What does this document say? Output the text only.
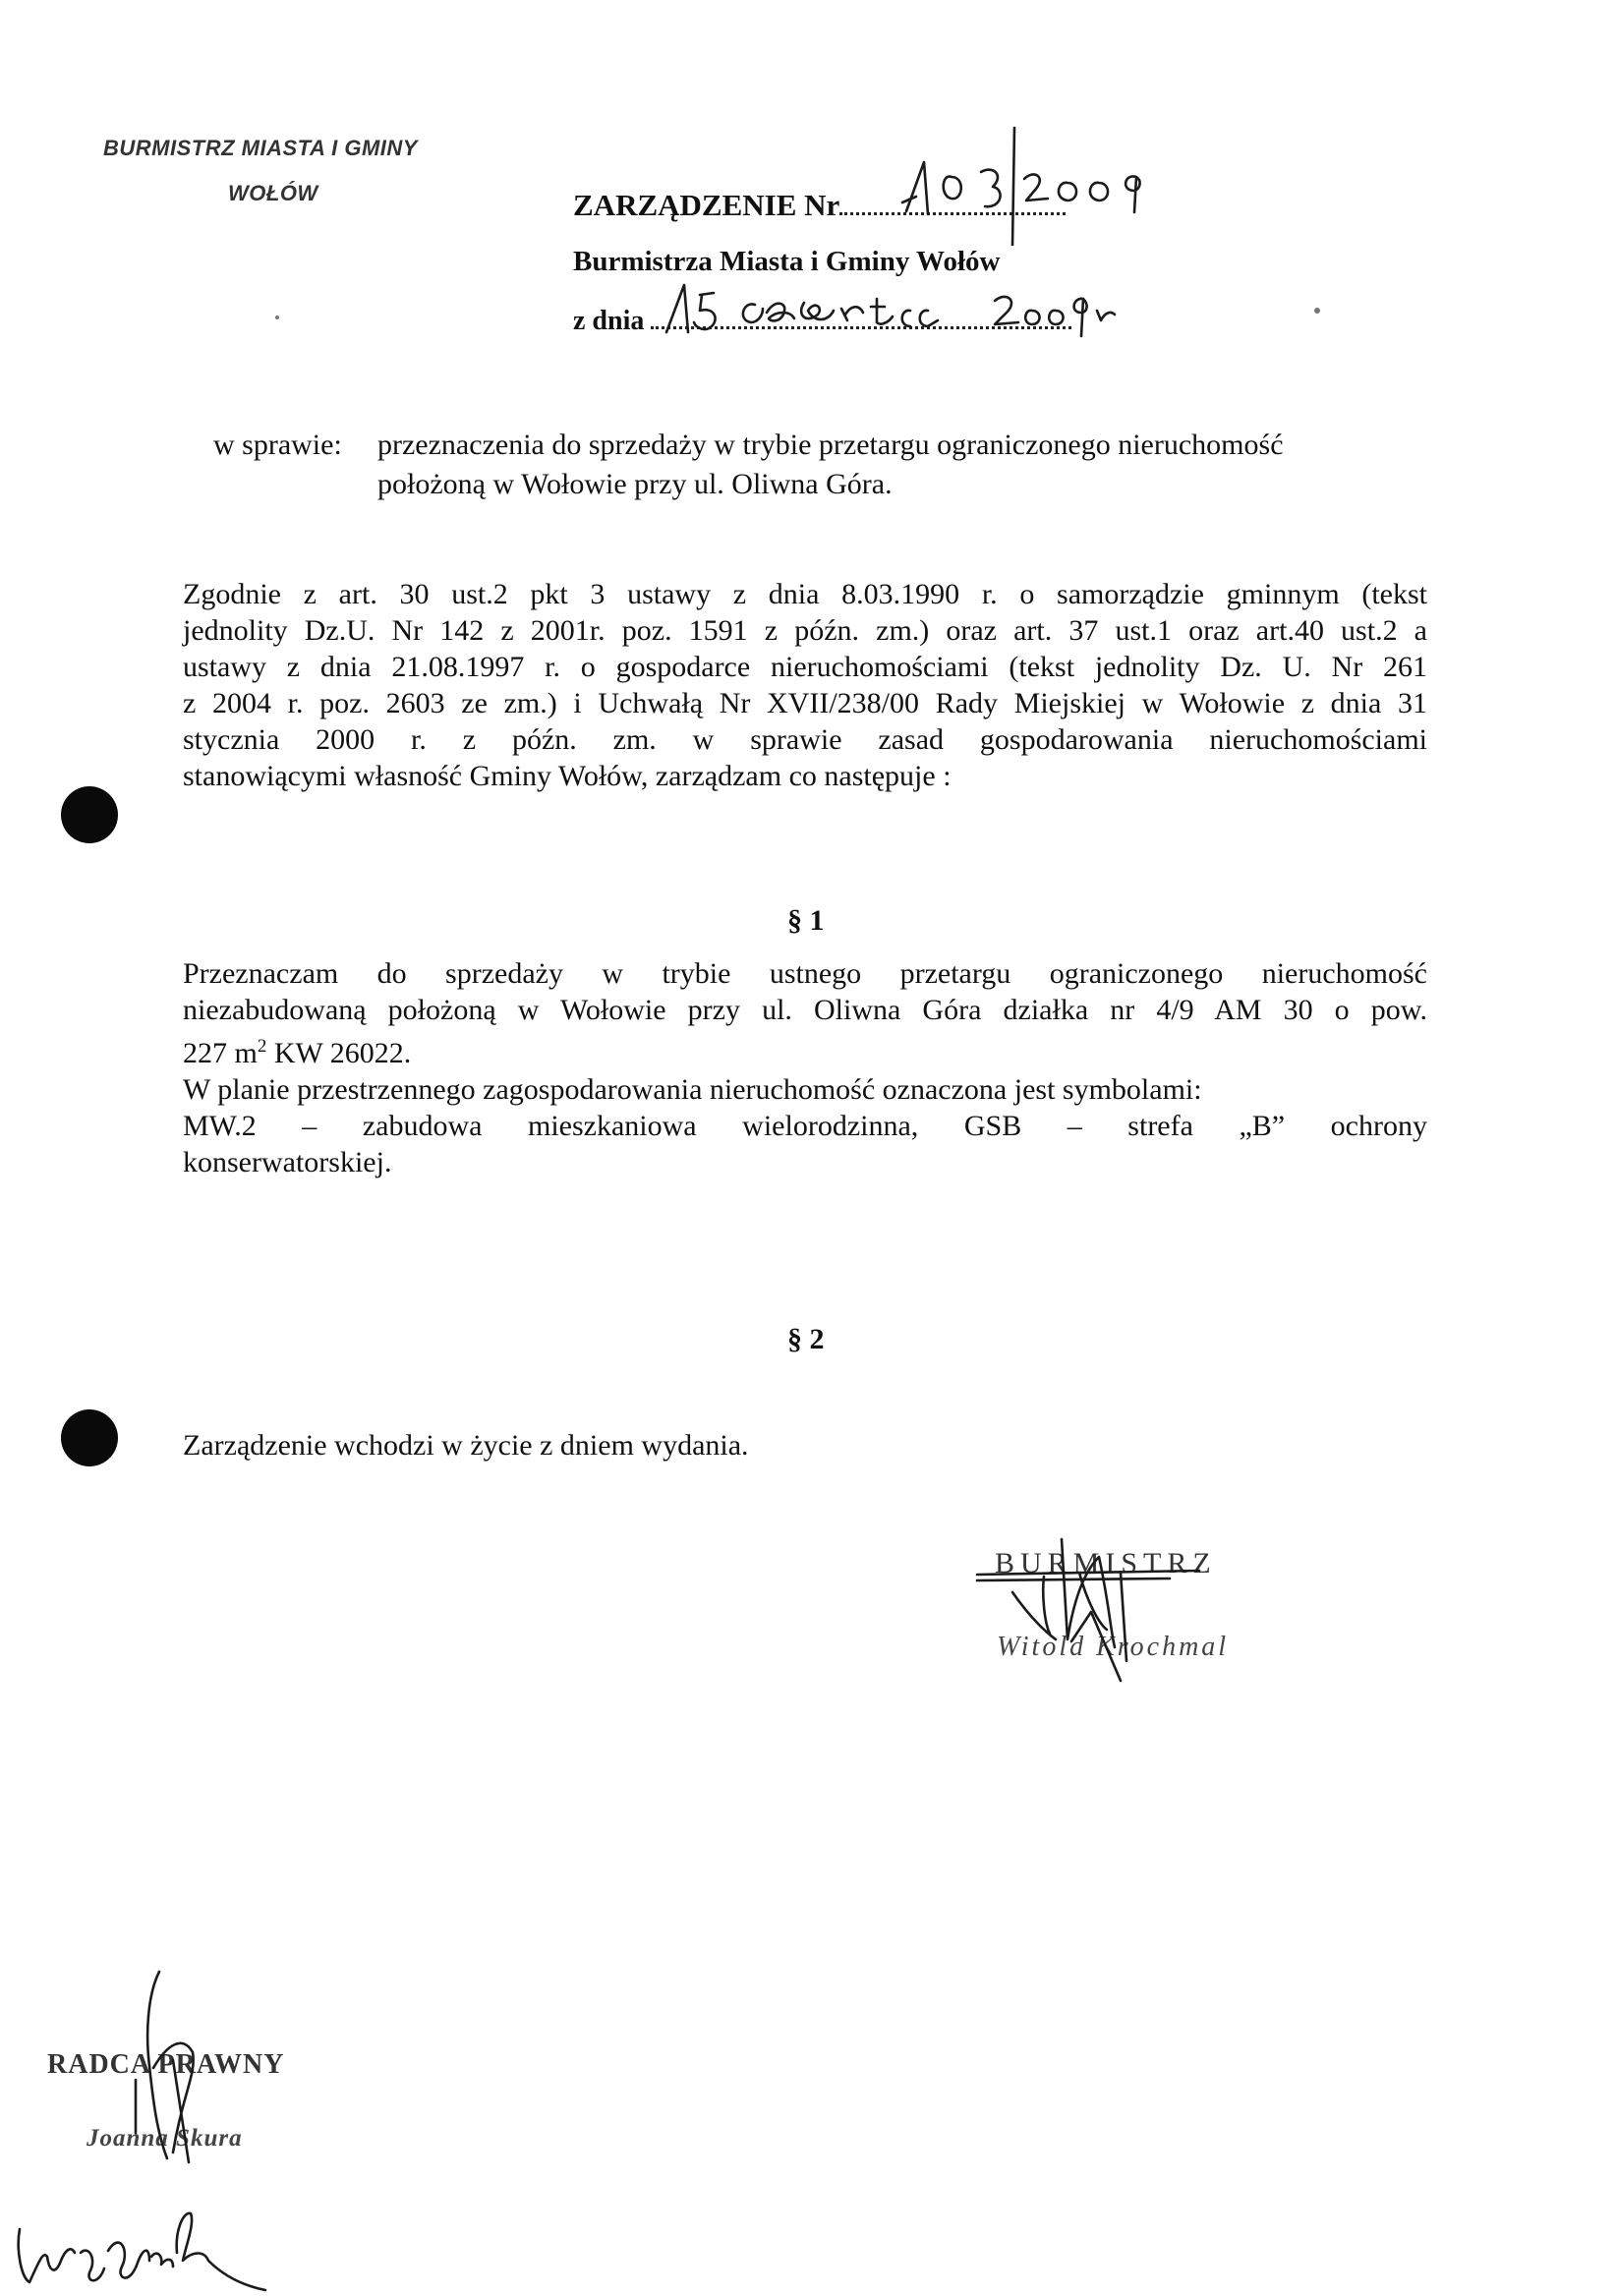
BURMISTRZ MIASTA I GMINY
WOŁÓW	ZARZĄDZENIE Nr
Burmistrza Miasta i Gminy Wołów
z dnia
w sprawie: przeznaczenia do sprzedaży w trybie przetargu ograniczonego nieruchomość
położoną w Wołowie przy ul. Oliwna Góra.
Zgodnie z art. 30 ust.2 pkt 3 ustawy z dnia 8.03.1990 r. o samorządzie gminnym (tekst
jednolity Dz.U. Nr 142 z 2001r. poz. 1591 z późn. zm.) oraz art. 37 ust.1 oraz art.40 ust.2 a
ustawy z dnia 21.08.1997 r. o gospodarce nieruchomościami (tekst jednolity Dz. U. Nr 261
z 2004 r. poz. 2603 ze zm.) i Uchwałą Nr XVII/238/00 Rady Miejskiej w Wołowie z dnia 31
stycznia 2000 r. z późn. zm. w sprawie zasad gospodarowania nieruchomościami
stanowiącymi własność Gminy Wołów, zarządzam co następuje :
§ 1
Przeznaczam do sprzedaży w trybie ustnego przetargu ograniczonego nieruchomość
niezabudowaną położoną w Wołowie przy ul. Oliwna Góra działka nr 4/9 AM 30 o pow.
227 $m^2$ KW 26022.
W planie przestrzennego zagospodarowania nieruchomość oznaczona jest symbolami:
MW.2 – zabudowa mieszkaniowa wielorodzinna, GSB – strefa „B” ochrony
konserwatorskiej.
§ 2
Zarządzenie wchodzi w życie z dniem wydania.
BURMISTRZ
Witold Krochmal
RADCA PRAWNY
Joanna Skura
